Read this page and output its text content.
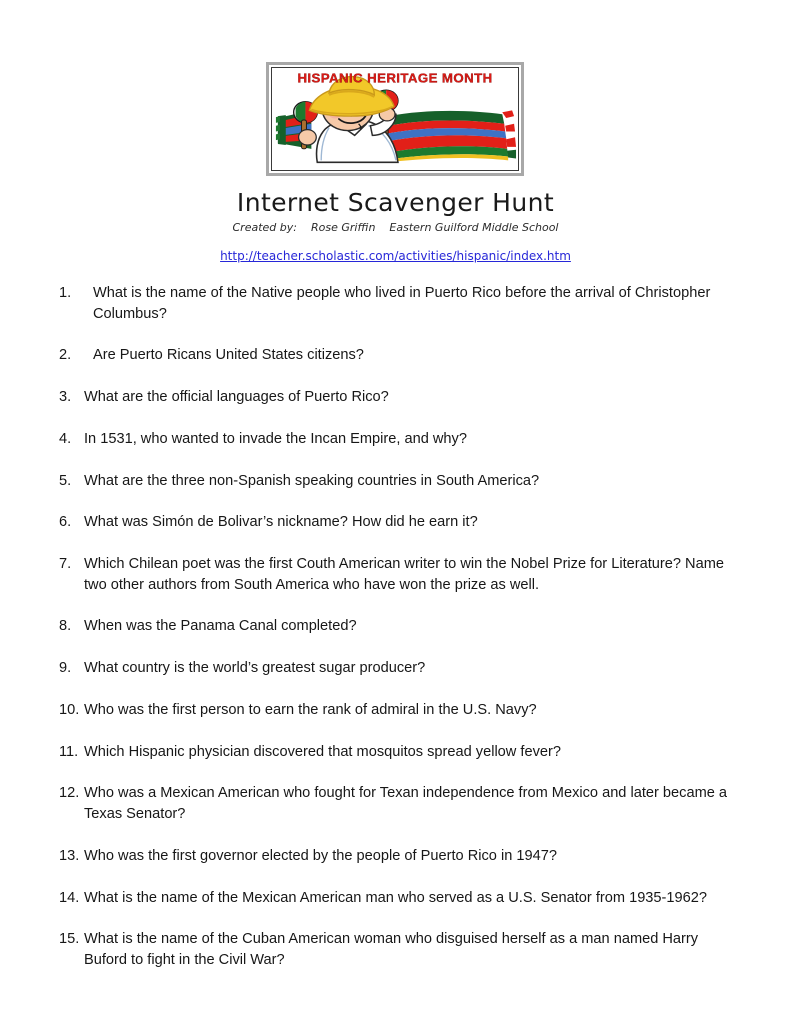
HISPANIC HERITAGE MONTH
Internet Scavenger Hunt
Created by: Rose Griffin Eastern Guilford Middle School
http://teacher.scholastic.com/activities/hispanic/index.htm
1.	What is the name of the Native people who lived in Puerto Rico before the arrival of Christopher Columbus?
2.	Are Puerto Ricans United States citizens?
3. What are the official languages of Puerto Rico?
4. In 1531, who wanted to invade the Incan Empire, and why?
5. What are the three non-Spanish speaking countries in South America?
6. What was Simón de Bolivar’s nickname? How did he earn it?
7. Which Chilean poet was the first Couth American writer to win the Nobel Prize for Literature? Name two other authors from South America who have won the prize as well.
8. When was the Panama Canal completed?
9. What country is the world’s greatest sugar producer?
10. Who was the first person to earn the rank of admiral in the U.S. Navy?
11. Which Hispanic physician discovered that mosquitos spread yellow fever?
12. Who was a Mexican American who fought for Texan independence from Mexico and later became a Texas Senator?
13. Who was the first governor elected by the people of Puerto Rico in 1947?
14. What is the name of the Mexican American man who served as a U.S. Senator from 1935-1962?
15. What is the name of the Cuban American woman who disguised herself as a man named Harry Buford to fight in the Civil War?
